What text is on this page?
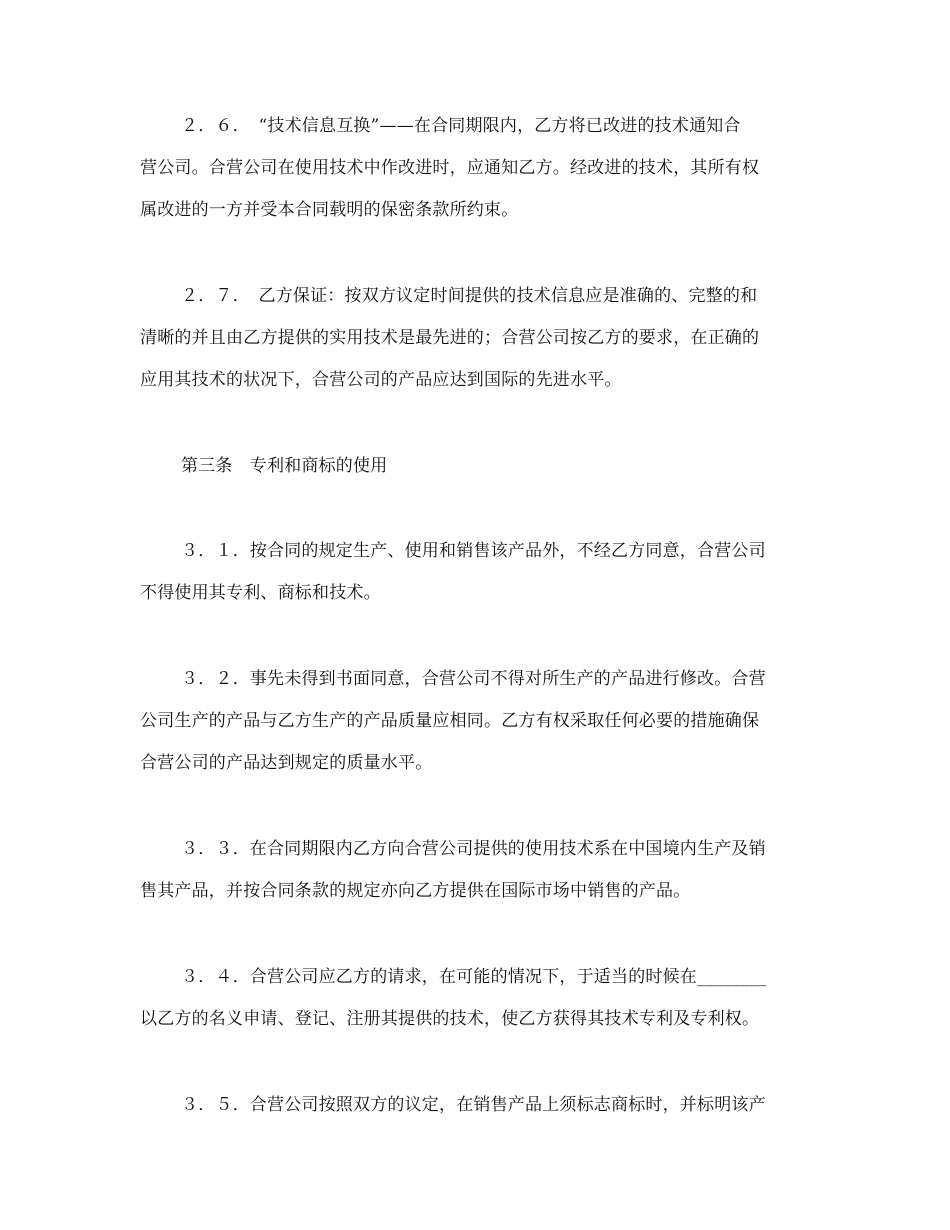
２．６．　“技术信息互换”——在合同期限内，乙方将已改进的技术通知合

营公司。合营公司在使用技术中作改进时，应通知乙方。经改进的技术，其所有权

属改进的一方并受本合同载明的保密条款所约束。

２．７．　乙方保证：按双方议定时间提供的技术信息应是准确的、完整的和

清晰的并且由乙方提供的实用技术是最先进的；合营公司按乙方的要求，在正确的

应用其技术的状况下，合营公司的产品应达到国际的先进水平。

第三条　专利和商标的使用

３．１．按合同的规定生产、使用和销售该产品外，不经乙方同意，合营公司

不得使用其专利、商标和技术。

３．２．事先未得到书面同意，合营公司不得对所生产的产品进行修改。合营

公司生产的产品与乙方生产的产品质量应相同。乙方有权采取任何必要的措施确保

合营公司的产品达到规定的质量水平。

３．３．在合同期限内乙方向合营公司提供的使用技术系在中国境内生产及销

售其产品，并按合同条款的规定亦向乙方提供在国际市场中销售的产品。

３．４．合营公司应乙方的请求，在可能的情况下，于适当的时候在________

以乙方的名义申请、登记、注册其提供的技术，使乙方获得其技术专利及专利权。

３．５．合营公司按照双方的议定，在销售产品上须标志商标时，并标明该产
